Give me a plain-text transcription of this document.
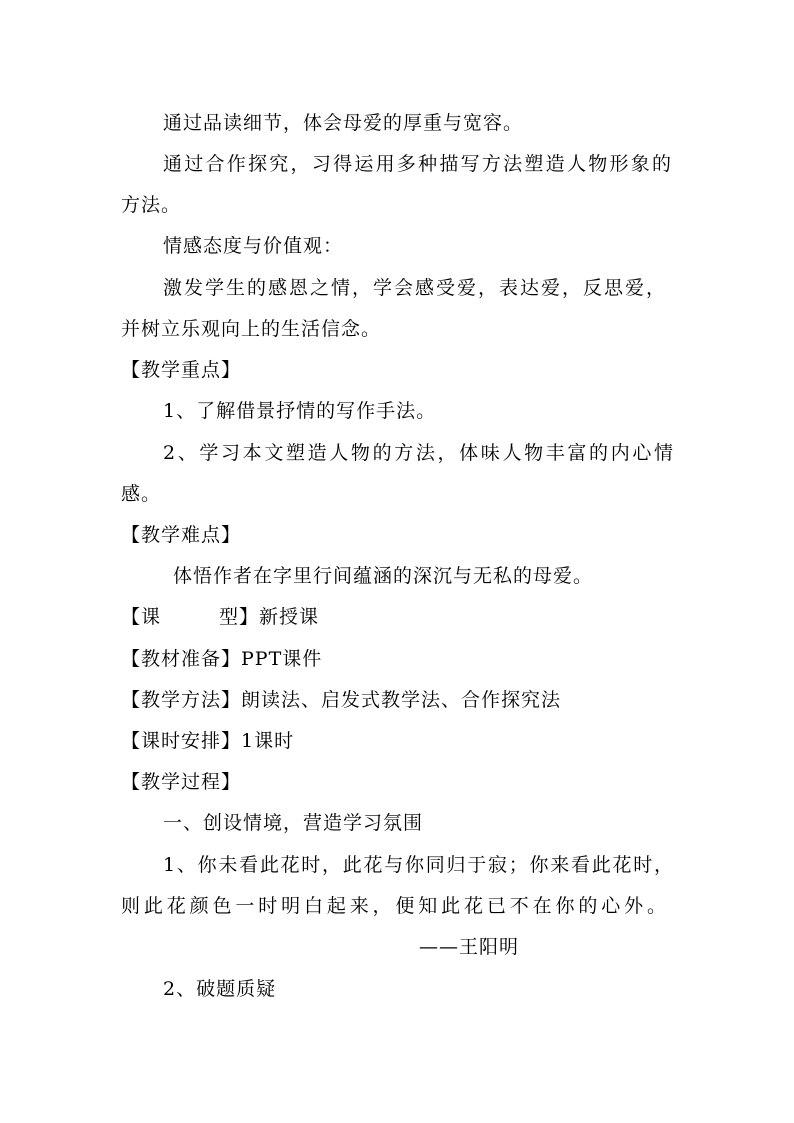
通过品读细节，体会母爱的厚重与宽容。
通过合作探究，习得运用多种描写方法塑造人物形象的
方法。
情感态度与价值观：
激发学生的感恩之情，学会感受爱，表达爱，反思爱，
并树立乐观向上的生活信念。
【教学重点】
1、了解借景抒情的写作手法。
2、学习本文塑造人物的方法，体味人物丰富的内心情
感。
【教学难点】
体悟作者在字里行间蕴涵的深沉与无私的母爱。
【课	型】新授课
【教材准备】PPT课件
【教学方法】朗读法、启发式教学法、合作探究法
【课时安排】1课时
【教学过程】
一、创设情境，营造学习氛围
1、你未看此花时，此花与你同归于寂；你来看此花时，
则此花颜色一时明白起来，便知此花已不在你的心外。
——王阳明
2、破题质疑
